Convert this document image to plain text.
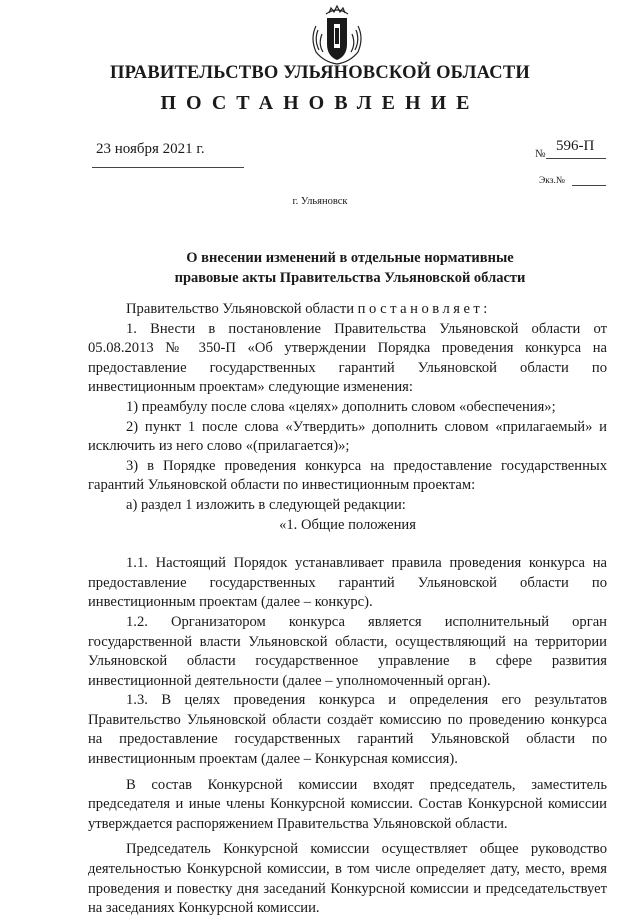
ПРАВИТЕЛЬСТВО УЛЬЯНОВСКОЙ ОБЛАСТИ
ПОСТАНОВЛЕНИЕ
23 ноября 2021 г.	№ 596-П
Экз.№
г. Ульяновск
О внесении изменений в отдельные нормативные
правовые акты Правительства Ульяновской области

Правительство Ульяновской области постановляет:

1. Внести в постановление Правительства Ульяновской области от 05.08.2013 № 350-П «Об утверждении Порядка проведения конкурса на предоставление государственных гарантий Ульяновской области по инвестиционным проектам» следующие изменения:

1) преамбулу после слова «целях» дополнить словом «обеспечения»;

2) пункт 1 после слова «Утвердить» дополнить словом «прилагаемый» и исключить из него слово «(прилагается)»;

3) в Порядке проведения конкурса на предоставление государственных гарантий Ульяновской области по инвестиционным проектам:

а) раздел 1 изложить в следующей редакции:

«1. Общие положения

1.1. Настоящий Порядок устанавливает правила проведения конкурса на предоставление государственных гарантий Ульяновской области по инвестиционным проектам (далее – конкурс).

1.2. Организатором конкурса является исполнительный орган государственной власти Ульяновской области, осуществляющий на территории Ульяновской области государственное управление в сфере развития инвестиционной деятельности (далее – уполномоченный орган).

1.3. В целях проведения конкурса и определения его результатов Правительство Ульяновской области создаёт комиссию по проведению конкурса на предоставление государственных гарантий Ульяновской области по инвестиционным проектам (далее – Конкурсная комиссия).

В состав Конкурсной комиссии входят председатель, заместитель председателя и иные члены Конкурсной комиссии. Состав Конкурсной комиссии утверждается распоряжением Правительства Ульяновской области.

Председатель Конкурсной комиссии осуществляет общее руководство деятельностью Конкурсной комиссии, в том числе определяет дату, место, время проведения и повестку дня заседаний Конкурсной комиссии и председательствует на заседаниях Конкурсной комиссии.
